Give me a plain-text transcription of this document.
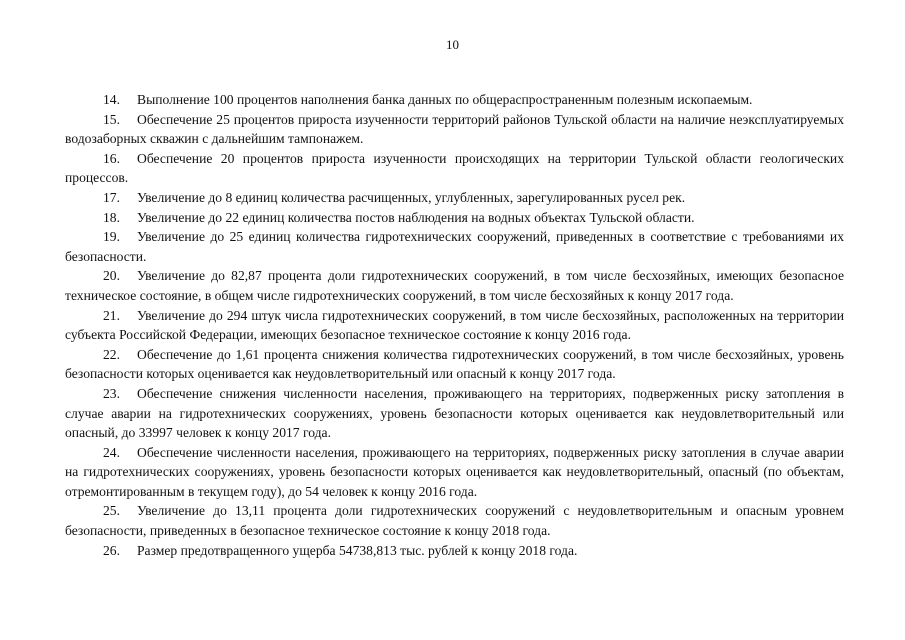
10

14. Выполнение 100 процентов наполнения банка данных по общераспространенным полезным ископаемым.

15. Обеспечение 25 процентов прироста изученности территорий районов Тульской области на наличие неэксплуатируемых водозаборных скважин с дальнейшим тампонажем.

16. Обеспечение 20 процентов прироста изученности происходящих на территории Тульской области геологических процессов.

17. Увеличение до 8 единиц количества расчищенных, углубленных, зарегулированных русел рек.

18. Увеличение до 22 единиц количества постов наблюдения на водных объектах Тульской области.

19. Увеличение до 25 единиц количества гидротехнических сооружений, приведенных в соответствие с требованиями их безопасности.

20. Увеличение до 82,87 процента доли гидротехнических сооружений, в том числе бесхозяйных, имеющих безопасное техническое состояние, в общем числе гидротехнических сооружений, в том числе бесхозяйных к концу 2017 года.

21. Увеличение до 294 штук числа гидротехнических сооружений, в том числе бесхозяйных, расположенных на территории субъекта Российской Федерации, имеющих безопасное техническое состояние к концу 2016 года.

22. Обеспечение до 1,61 процента снижения количества гидротехнических сооружений, в том числе бесхозяйных, уровень безопасности которых оценивается как неудовлетворительный или опасный к концу 2017 года.

23. Обеспечение снижения численности населения, проживающего на территориях, подверженных риску затопления в случае аварии на гидротехнических сооружениях, уровень безопасности которых оценивается как неудовлетворительный или опасный, до 33997 человек к концу 2017 года.

24. Обеспечение численности населения, проживающего на территориях, подверженных риску затопления в случае аварии на гидротехнических сооружениях, уровень безопасности которых оценивается как неудовлетворительный, опасный (по объектам, отремонтированным в текущем году), до 54 человек к концу 2016 года.

25. Увеличение до 13,11 процента доли гидротехнических сооружений с неудовлетворительным и опасным уровнем безопасности, приведенных в безопасное техническое состояние к концу 2018 года.

26. Размер предотвращенного ущерба 54738,813 тыс. рублей к концу 2018 года.
